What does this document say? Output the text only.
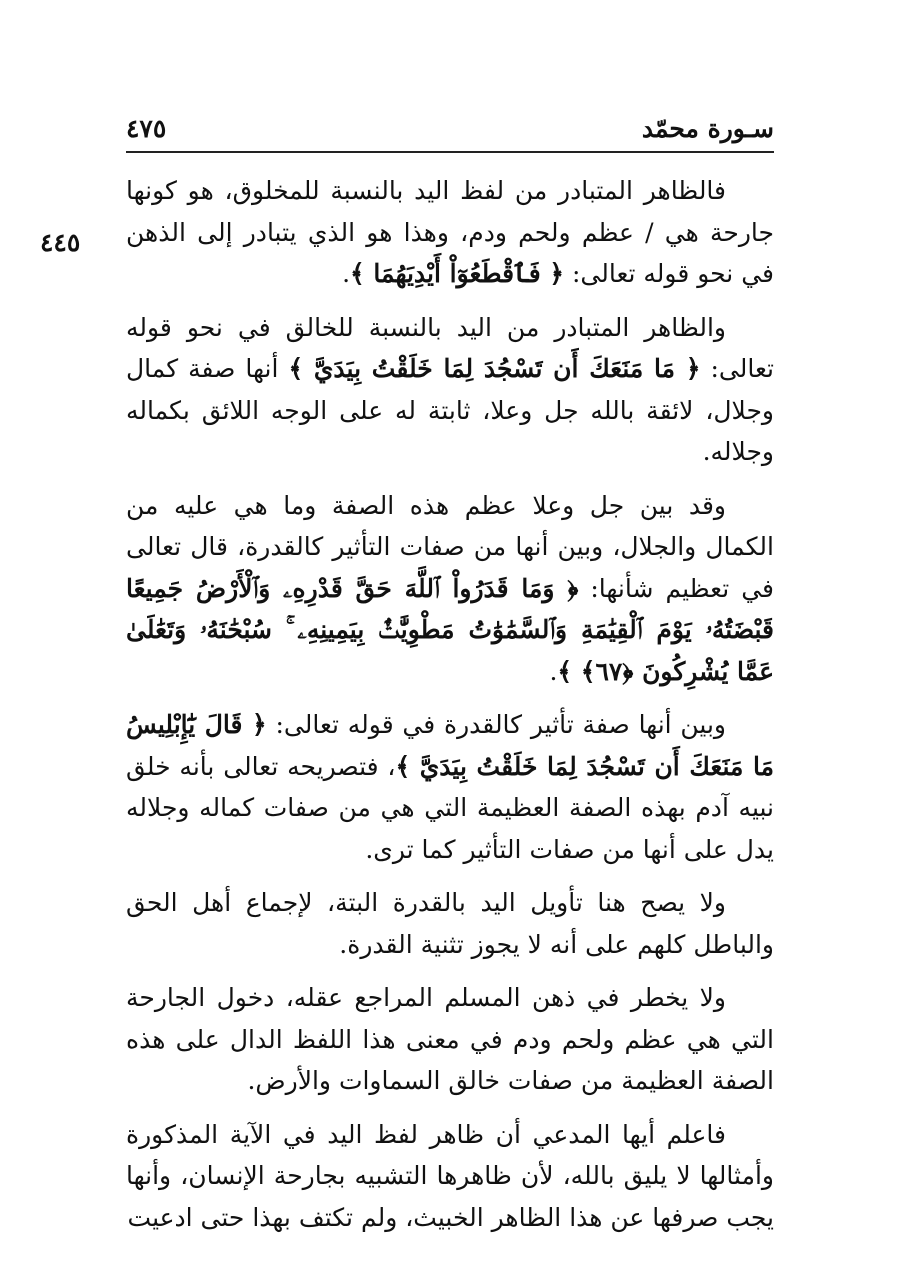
سـورة محمّد
٤٧٥
٤٤٥

فالظاهر المتبادر من لفظ اليد بالنسبة للمخلوق، هو كونها جارحة هي / عظم ولحم ودم، وهذا هو الذي يتبادر إلى الذهن في نحو قوله تعالى: ﴿ فَٱقْطَعُوٓاْ أَيْدِيَهُمَا ﴾.

والظاهر المتبادر من اليد بالنسبة للخالق في نحو قوله تعالى: ﴿ مَا مَنَعَكَ أَن تَسْجُدَ لِمَا خَلَقْتُ بِيَدَيَّ ﴾ أنها صفة كمال وجلال، لائقة بالله جل وعلا، ثابتة له على الوجه اللائق بكماله وجلاله.

وقد بين جل وعلا عظم هذه الصفة وما هي عليه من الكمال والجلال، وبين أنها من صفات التأثير كالقدرة، قال تعالى في تعظيم شأنها: ﴿ وَمَا قَدَرُواْ ٱللَّهَ حَقَّ قَدْرِهِۦ وَٱلْأَرْضُ جَمِيعًا قَبْضَتُهُۥ يَوْمَ ٱلْقِيَٰمَةِ وَٱلسَّمَٰوَٰتُ مَطْوِيَّٰتٌۢ بِيَمِينِهِۦ ۚ سُبْحَٰنَهُۥ وَتَعَٰلَىٰ عَمَّا يُشْرِكُونَ ﴿٦٧﴾ ﴾.

وبين أنها صفة تأثير كالقدرة في قوله تعالى: ﴿ قَالَ يَٰٓإِبْلِيسُ مَا مَنَعَكَ أَن تَسْجُدَ لِمَا خَلَقْتُ بِيَدَيَّ ﴾، فتصريحه تعالى بأنه خلق نبيه آدم بهذه الصفة العظيمة التي هي من صفات كماله وجلاله يدل على أنها من صفات التأثير كما ترى.

ولا يصح هنا تأويل اليد بالقدرة البتة، لإجماع أهل الحق والباطل كلهم على أنه لا يجوز تثنية القدرة.

ولا يخطر في ذهن المسلم المراجع عقله، دخول الجارحة التي هي عظم ولحم ودم في معنى هذا اللفظ الدال على هذه الصفة العظيمة من صفات خالق السماوات والأرض.

فاعلم أيها المدعي أن ظاهر لفظ اليد في الآية المذكورة وأمثالها لا يليق بالله، لأن ظاهرها التشبيه بجارحة الإنسان، وأنها يجب صرفها عن هذا الظاهر الخبيث، ولم تكتف بهذا حتى ادعيت
